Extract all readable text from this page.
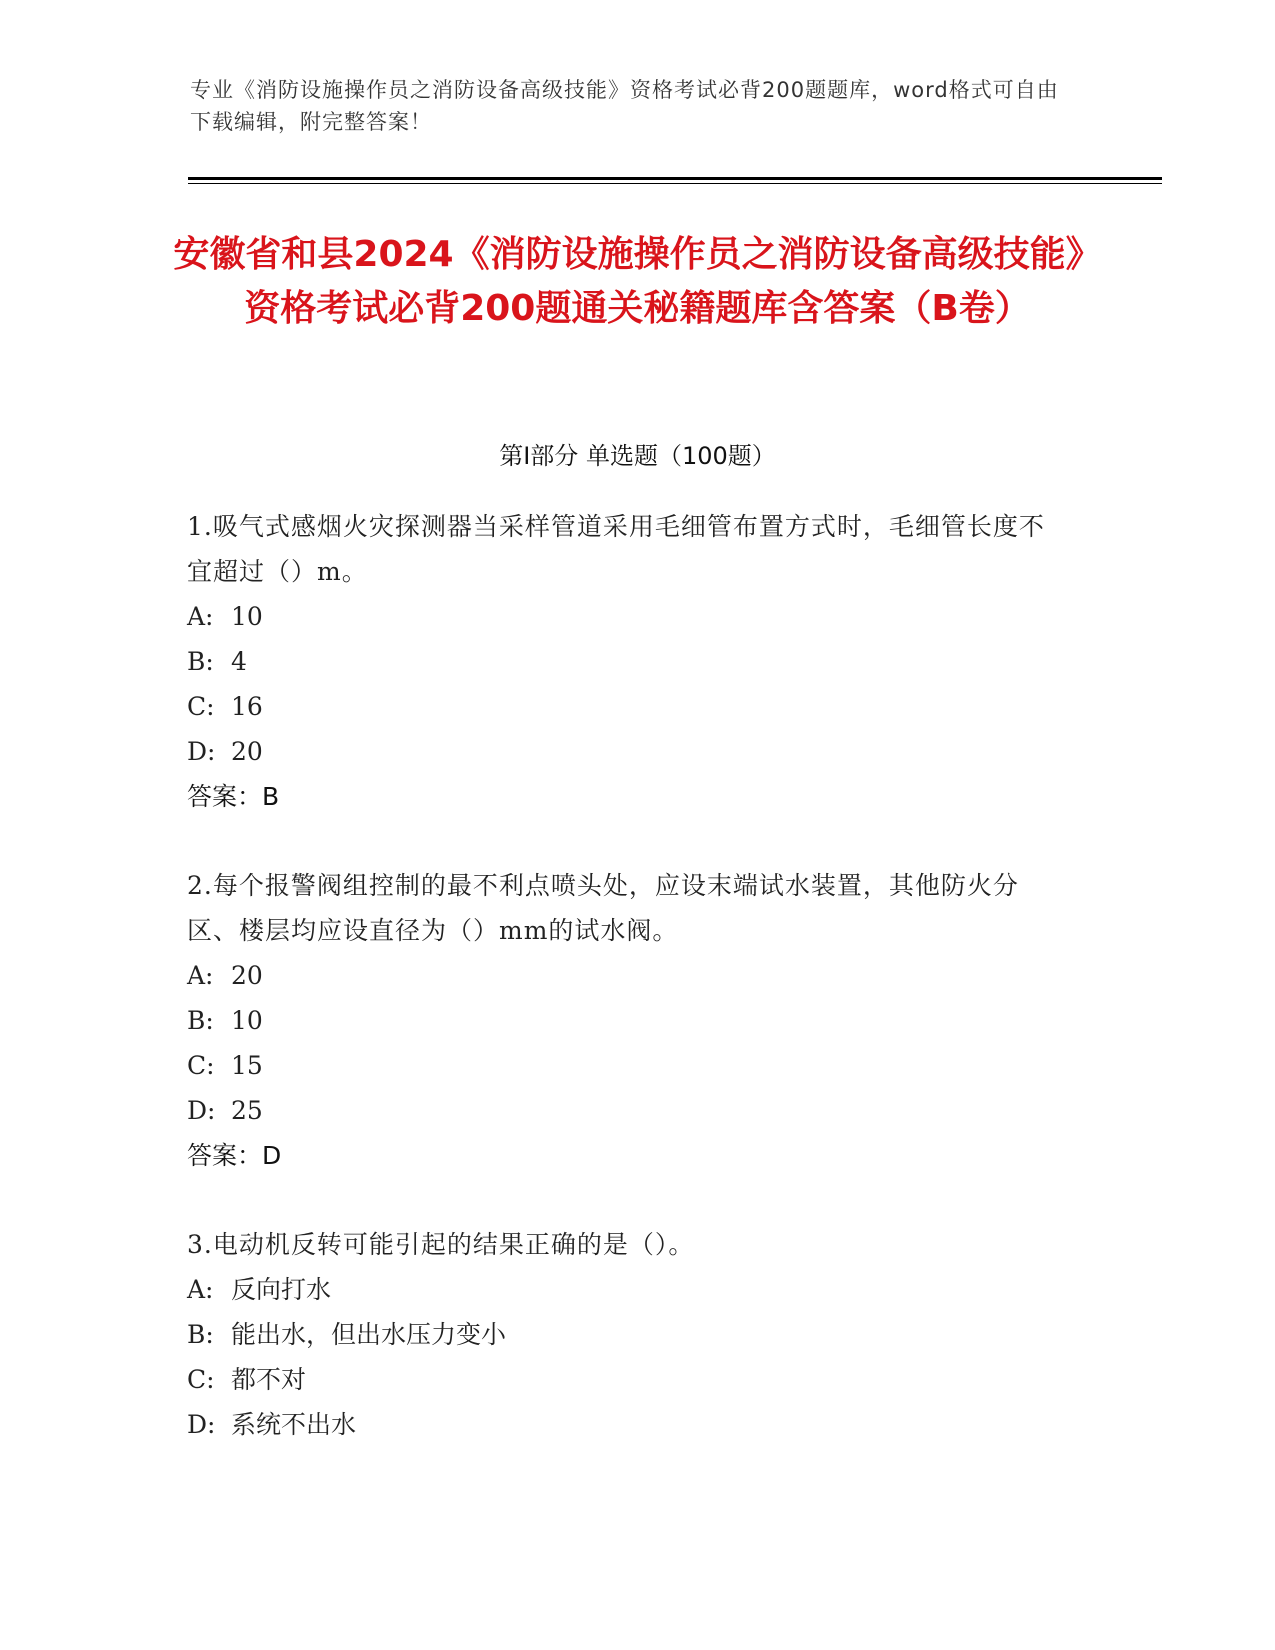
专业《消防设施操作员之消防设备高级技能》资格考试必背200题题库，word格式可自由下载编辑，附完整答案！
安徽省和县2024《消防设施操作员之消防设备高级技能》资格考试必背200题通关秘籍题库含答案（B卷）
第Ⅰ部分 单选题（100题）
1.吸气式感烟火灾探测器当采样管道采用毛细管布置方式时，毛细管长度不宜超过（）m。
A: 10
B: 4
C: 16
D: 20
答案：B
2.每个报警阀组控制的最不利点喷头处，应设末端试水装置，其他防火分区、楼层均应设直径为（）mm的试水阀。
A: 20
B: 10
C: 15
D: 25
答案：D
3.电动机反转可能引起的结果正确的是（）。
A: 反向打水
B: 能出水，但出水压力变小
C: 都不对
D: 系统不出水
